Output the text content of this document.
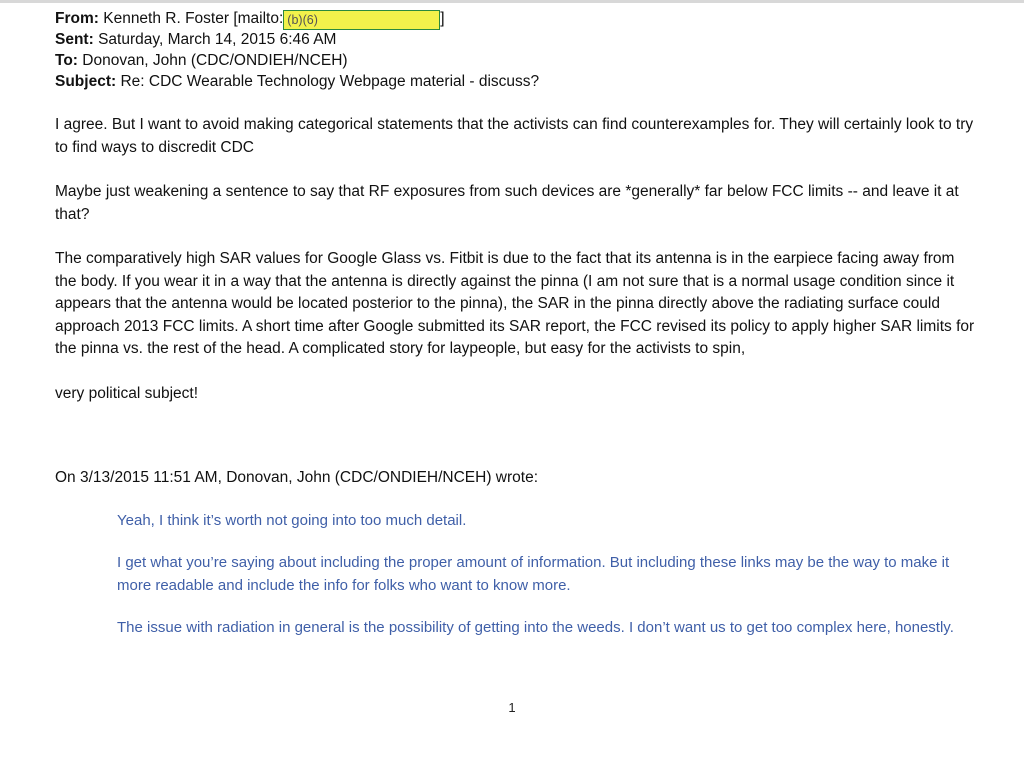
From: Kenneth R. Foster [mailto: (b)(6)	]
Sent: Saturday, March 14, 2015 6:46 AM
To: Donovan, John (CDC/ONDIEH/NCEH)
Subject: Re: CDC Wearable Technology Webpage material - discuss?
I agree. But I want to avoid making categorical statements that the activists can find counterexamples for. They will certainly look to try to find ways to discredit CDC
Maybe just weakening a sentence to say that RF exposures from such devices are *generally* far below FCC limits -- and leave it at that?
The comparatively high SAR values for Google Glass vs. Fitbit is due to the fact that its antenna is in the earpiece facing away from the body. If you wear it in a way that the antenna is directly against the pinna (I am not sure that is a normal usage condition since it appears that the antenna would be located posterior to the pinna), the SAR in the pinna directly above the radiating surface could approach 2013 FCC limits. A short time after Google submitted its SAR report, the FCC revised its policy to apply higher SAR limits for the pinna vs. the rest of the head. A complicated story for laypeople, but easy for the activists to spin,
very political subject!
On 3/13/2015 11:51 AM, Donovan, John (CDC/ONDIEH/NCEH) wrote:
Yeah, I think it’s worth not going into too much detail.
I get what you’re saying about including the proper amount of information. But including these links may be the way to make it more readable and include the info for folks who want to know more.
The issue with radiation in general is the possibility of getting into the weeds. I don’t want us to get too complex here, honestly.
1
